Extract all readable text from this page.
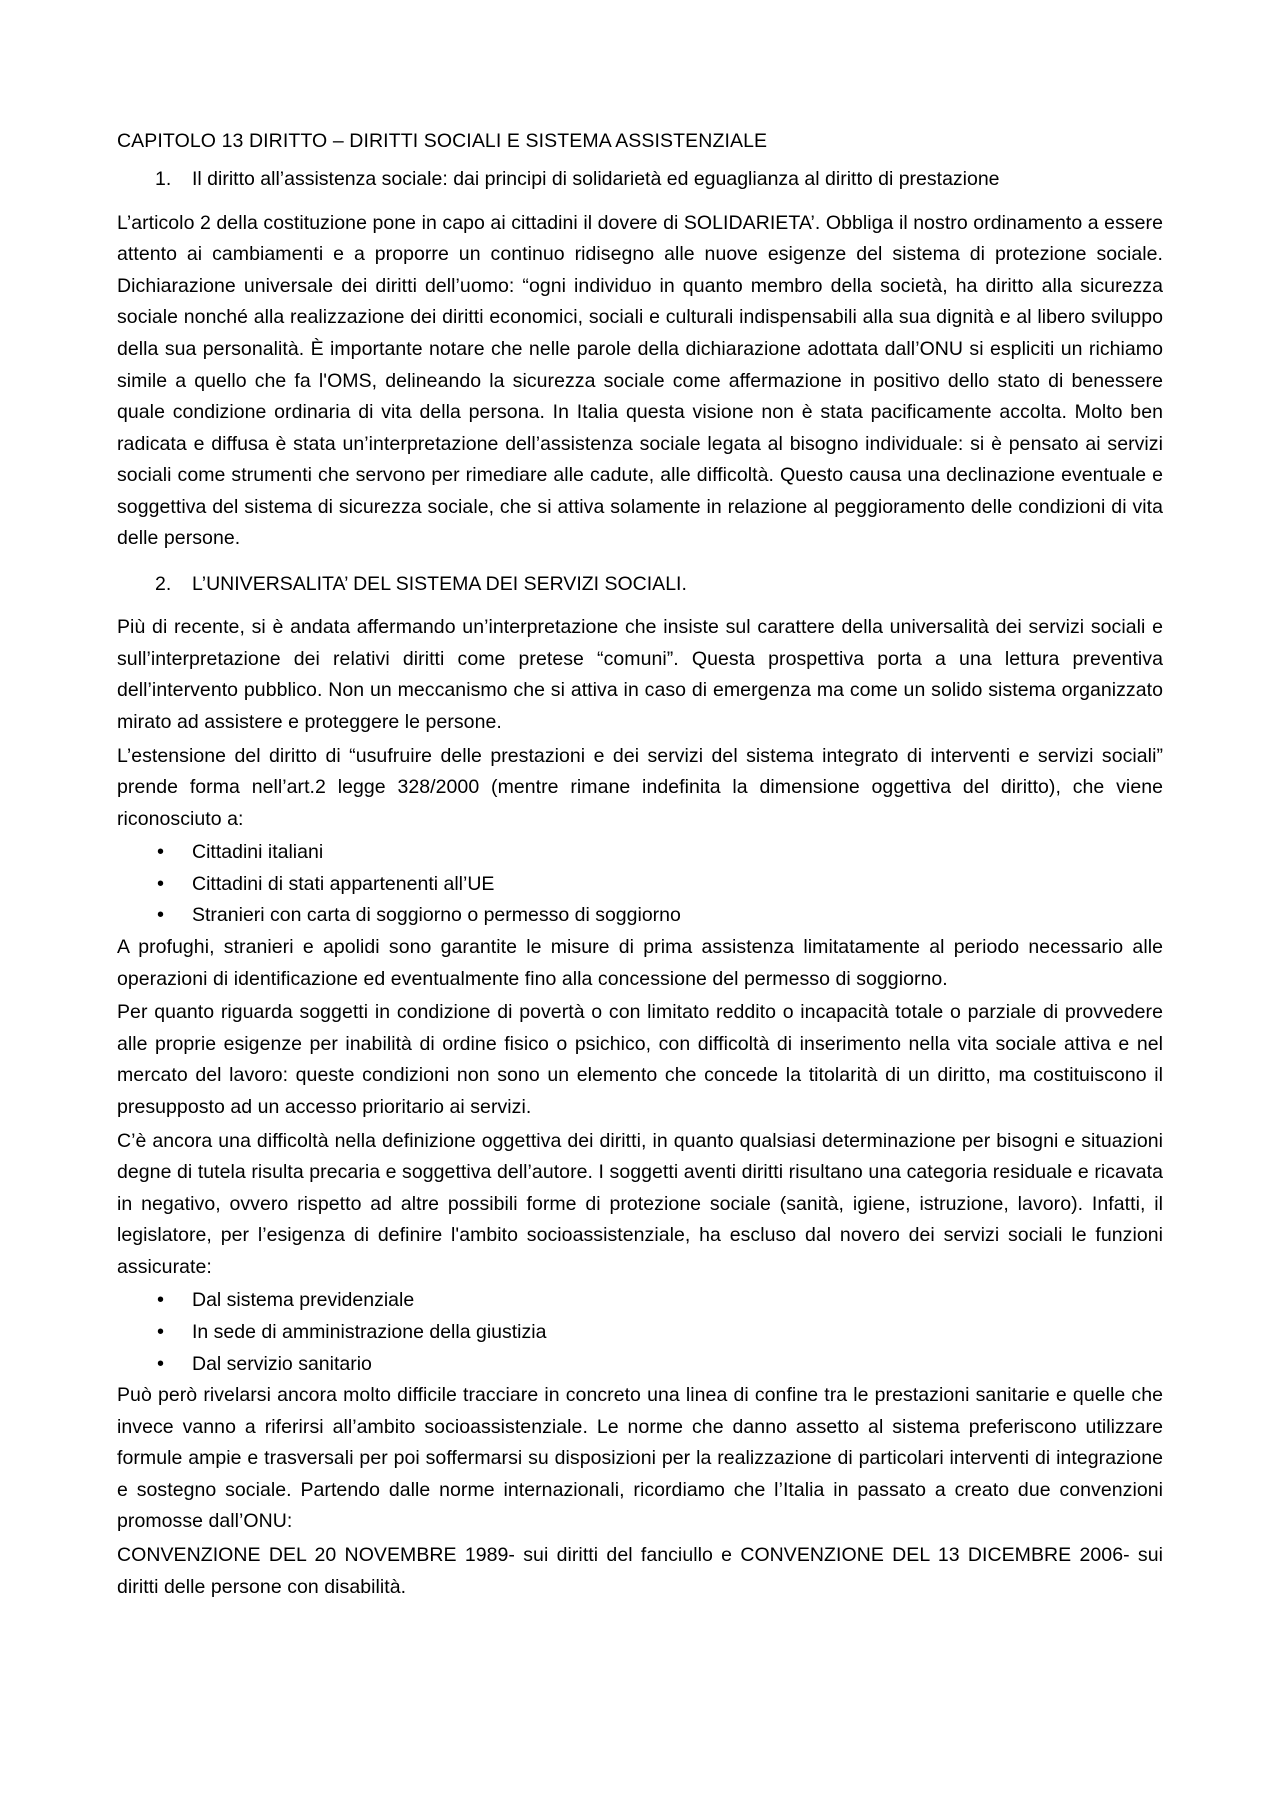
CAPITOLO 13 DIRITTO – DIRITTI SOCIALI E SISTEMA ASSISTENZIALE

1. Il diritto all’assistenza sociale: dai principi di solidarietà ed eguaglianza al diritto di prestazione

L’articolo 2 della costituzione pone in capo ai cittadini il dovere di SOLIDARIETA’. Obbliga il nostro ordinamento a essere attento ai cambiamenti e a proporre un continuo ridisegno alle nuove esigenze del sistema di protezione sociale. Dichiarazione universale dei diritti dell’uomo: “ogni individuo in quanto membro della società, ha diritto alla sicurezza sociale nonché alla realizzazione dei diritti economici, sociali e culturali indispensabili alla sua dignità e al libero sviluppo della sua personalità. È importante notare che nelle parole della dichiarazione adottata dall’ONU si espliciti un richiamo simile a quello che fa l'OMS, delineando la sicurezza sociale come affermazione in positivo dello stato di benessere quale condizione ordinaria di vita della persona. In Italia questa visione non è stata pacificamente accolta. Molto ben radicata e diffusa è stata un’interpretazione dell’assistenza sociale legata al bisogno individuale: si è pensato ai servizi sociali come strumenti che servono per rimediare alle cadute, alle difficoltà. Questo causa una declinazione eventuale e soggettiva del sistema di sicurezza sociale, che si attiva solamente in relazione al peggioramento delle condizioni di vita delle persone.

2. L’UNIVERSALITA’ DEL SISTEMA DEI SERVIZI SOCIALI.

Più di recente, si è andata affermando un’interpretazione che insiste sul carattere della universalità dei servizi sociali e sull’interpretazione dei relativi diritti come pretese “comuni”. Questa prospettiva porta a una lettura preventiva dell’intervento pubblico. Non un meccanismo che si attiva in caso di emergenza ma come un solido sistema organizzato mirato ad assistere e proteggere le persone.

L’estensione del diritto di “usufruire delle prestazioni e dei servizi del sistema integrato di interventi e servizi sociali” prende forma nell’art.2 legge 328/2000 (mentre rimane indefinita la dimensione oggettiva del diritto), che viene riconosciuto a:

• Cittadini italiani
• Cittadini di stati appartenenti all’UE
• Stranieri con carta di soggiorno o permesso di soggiorno

A profughi, stranieri e apolidi sono garantite le misure di prima assistenza limitatamente al periodo necessario alle operazioni di identificazione ed eventualmente fino alla concessione del permesso di soggiorno.

Per quanto riguarda soggetti in condizione di povertà o con limitato reddito o incapacità totale o parziale di provvedere alle proprie esigenze per inabilità di ordine fisico o psichico, con difficoltà di inserimento nella vita sociale attiva e nel mercato del lavoro: queste condizioni non sono un elemento che concede la titolarità di un diritto, ma costituiscono il presupposto ad un accesso prioritario ai servizi.

C’è ancora una difficoltà nella definizione oggettiva dei diritti, in quanto qualsiasi determinazione per bisogni e situazioni degne di tutela risulta precaria e soggettiva dell’autore. I soggetti aventi diritti risultano una categoria residuale e ricavata in negativo, ovvero rispetto ad altre possibili forme di protezione sociale (sanità, igiene, istruzione, lavoro). Infatti, il legislatore, per l’esigenza di definire l'ambito socioassistenziale, ha escluso dal novero dei servizi sociali le funzioni assicurate:

• Dal sistema previdenziale
• In sede di amministrazione della giustizia
• Dal servizio sanitario

Può però rivelarsi ancora molto difficile tracciare in concreto una linea di confine tra le prestazioni sanitarie e quelle che invece vanno a riferirsi all’ambito socioassistenziale. Le norme che danno assetto al sistema preferiscono utilizzare formule ampie e trasversali per poi soffermarsi su disposizioni per la realizzazione di particolari interventi di integrazione e sostegno sociale. Partendo dalle norme internazionali, ricordiamo che l’Italia in passato a creato due convenzioni promosse dall’ONU:

CONVENZIONE DEL 20 NOVEMBRE 1989- sui diritti del fanciullo e CONVENZIONE DEL 13 DICEMBRE 2006- sui diritti delle persone con disabilità.
